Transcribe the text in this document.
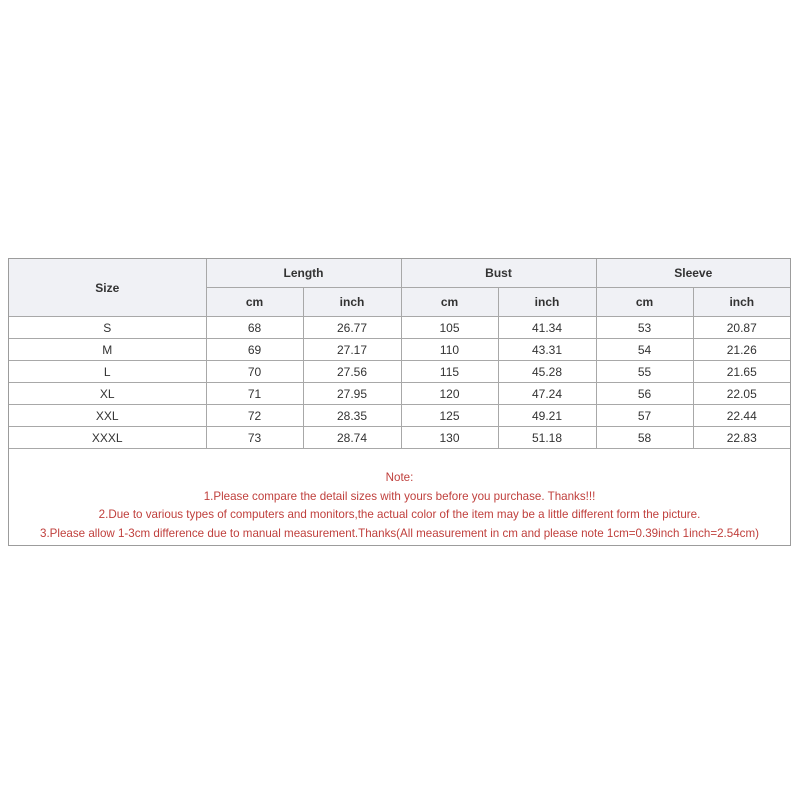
Size	Length		Bust		Sleeve	
	cm	inch	cm	inch	cm	inch
S	68	26.77	105	41.34	53	20.87
M	69	27.17	110	43.31	54	21.26
L	70	27.56	115	45.28	55	21.65
XL	71	27.95	120	47.24	56	22.05
XXL	72	28.35	125	49.21	57	22.44
XXXL	73	28.74	130	51.18	58	22.83
Note:
1.Please compare the detail sizes with yours before you purchase. Thanks!!!
2.Due to various types of computers and monitors,the actual color of the item may be a little different form the picture.
3.Please allow 1-3cm difference due to manual measurement.Thanks(All measurement in cm and please note 1cm=0.39inch 1inch=2.54cm)
